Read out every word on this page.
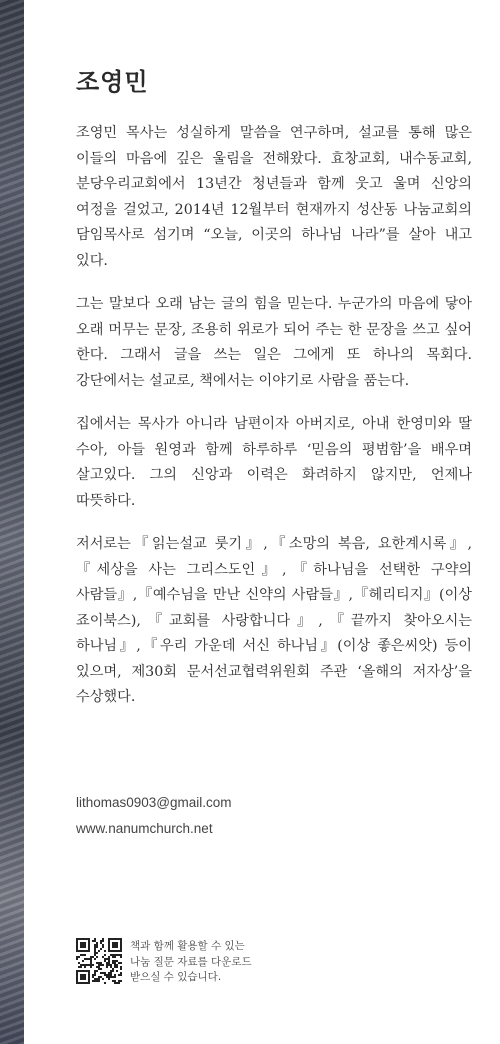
조영민

조영민 목사는 성실하게 말씀을 연구하며, 설교를 통해 많은 이들의 마음에 깊은 울림을 전해왔다. 효창교회, 내수동교회, 분당우리교회에서 13년간 청년들과 함께 웃고 울며 신앙의 여정을 걸었고, 2014년 12월부터 현재까지 성산동 나눔교회의 담임목사로 섬기며 “오늘, 이곳의 하나님 나라”를 살아 내고 있다.

그는 말보다 오래 남는 글의 힘을 믿는다. 누군가의 마음에 닿아 오래 머무는 문장, 조용히 위로가 되어 주는 한 문장을 쓰고 싶어 한다. 그래서 글을 쓰는 일은 그에게 또 하나의 목회다. 강단에서는 설교로, 책에서는 이야기로 사람을 품는다.

집에서는 목사가 아니라 남편이자 아버지로, 아내 한영미와 딸 수아, 아들 원영과 함께 하루하루 ‘믿음의 평범함’을 배우며 살고있다. 그의 신앙과 이력은 화려하지 않지만, 언제나 따뜻하다.

저서로는『읽는설교 룻기』,『소망의 복음, 요한계시록』,『세상을 사는 그리스도인』,『하나님을 선택한 구약의 사람들』,『예수님을 만난 신약의 사람들』,『헤리티지』(이상 죠이북스),『교회를 사랑합니다』,『끝까지 찾아오시는 하나님』,『우리 가운데 서신 하나님』(이상 좋은씨앗) 등이 있으며, 제30회 문서선교협력위원회 주관 ‘올해의 저자상’을 수상했다.

lithomas0903@gmail.com
www.nanumchurch.net
책과 함께 활용할 수 있는
나눔 질문 자료를 다운로드
받으실 수 있습니다.
